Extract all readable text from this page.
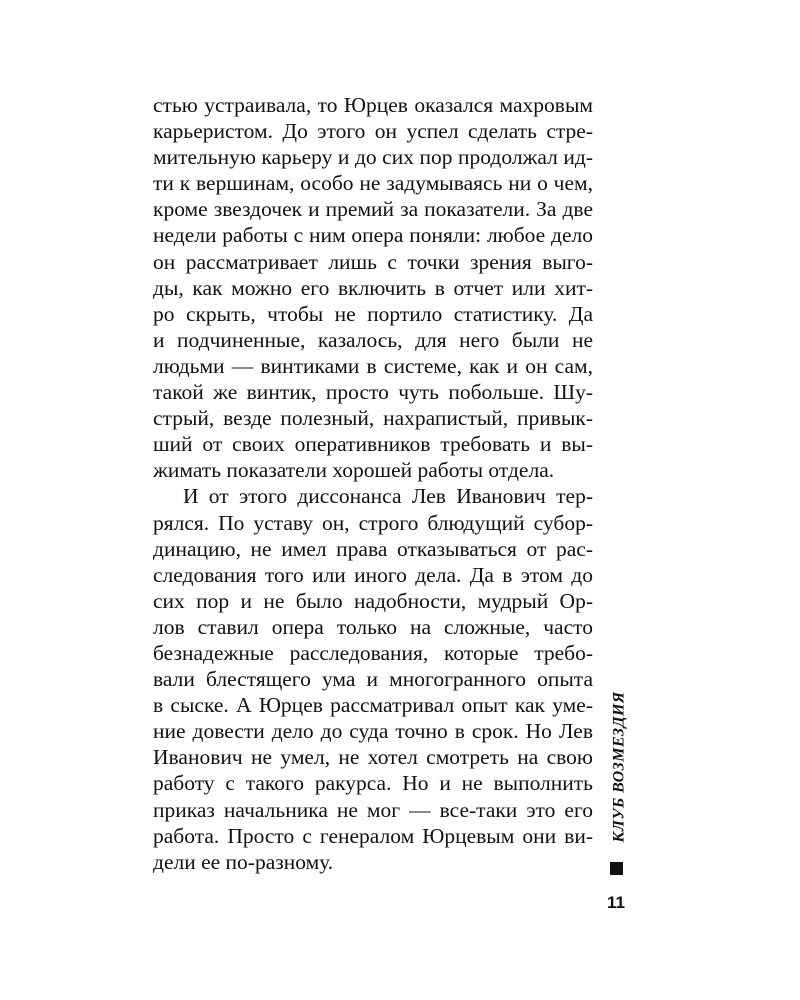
стью устраивала, то Юрцев оказался махровым
карьеристом. До этого он успел сделать стре-
мительную карьеру и до сих пор продолжал ид-
ти к вершинам, особо не задумываясь ни о чем,
кроме звездочек и премий за показатели. За две
недели работы с ним опера поняли: любое дело
он рассматривает лишь с точки зрения выго-
ды, как можно его включить в отчет или хит-
ро скрыть, чтобы не портило статистику. Да
и подчиненные, казалось, для него были не
людьми — винтиками в системе, как и он сам,
такой же винтик, просто чуть побольше. Шу-
стрый, везде полезный, нахрапистый, привык-
ший от своих оперативников требовать и вы-
жимать показатели хорошей работы отдела.
И от этого диссонанса Лев Иванович тер-
рялся. По уставу он, строго блюдущий субор-
динацию, не имел права отказываться от рас-
следования того или иного дела. Да в этом до
сих пор и не было надобности, мудрый Ор-
лов ставил опера только на сложные, часто
безнадежные расследования, которые требо-
вали блестящего ума и многогранного опыта
в сыске. А Юрцев рассматривал опыт как уме-
ние довести дело до суда точно в срок. Но Лев
Иванович не умел, не хотел смотреть на свою
работу с такого ракурса. Но и не выполнить
приказ начальника не мог — все-таки это его
работа. Просто с генералом Юрцевым они ви-
дели ее по-разному.
КЛУБ ВОЗМЕЗДИЯ
11
